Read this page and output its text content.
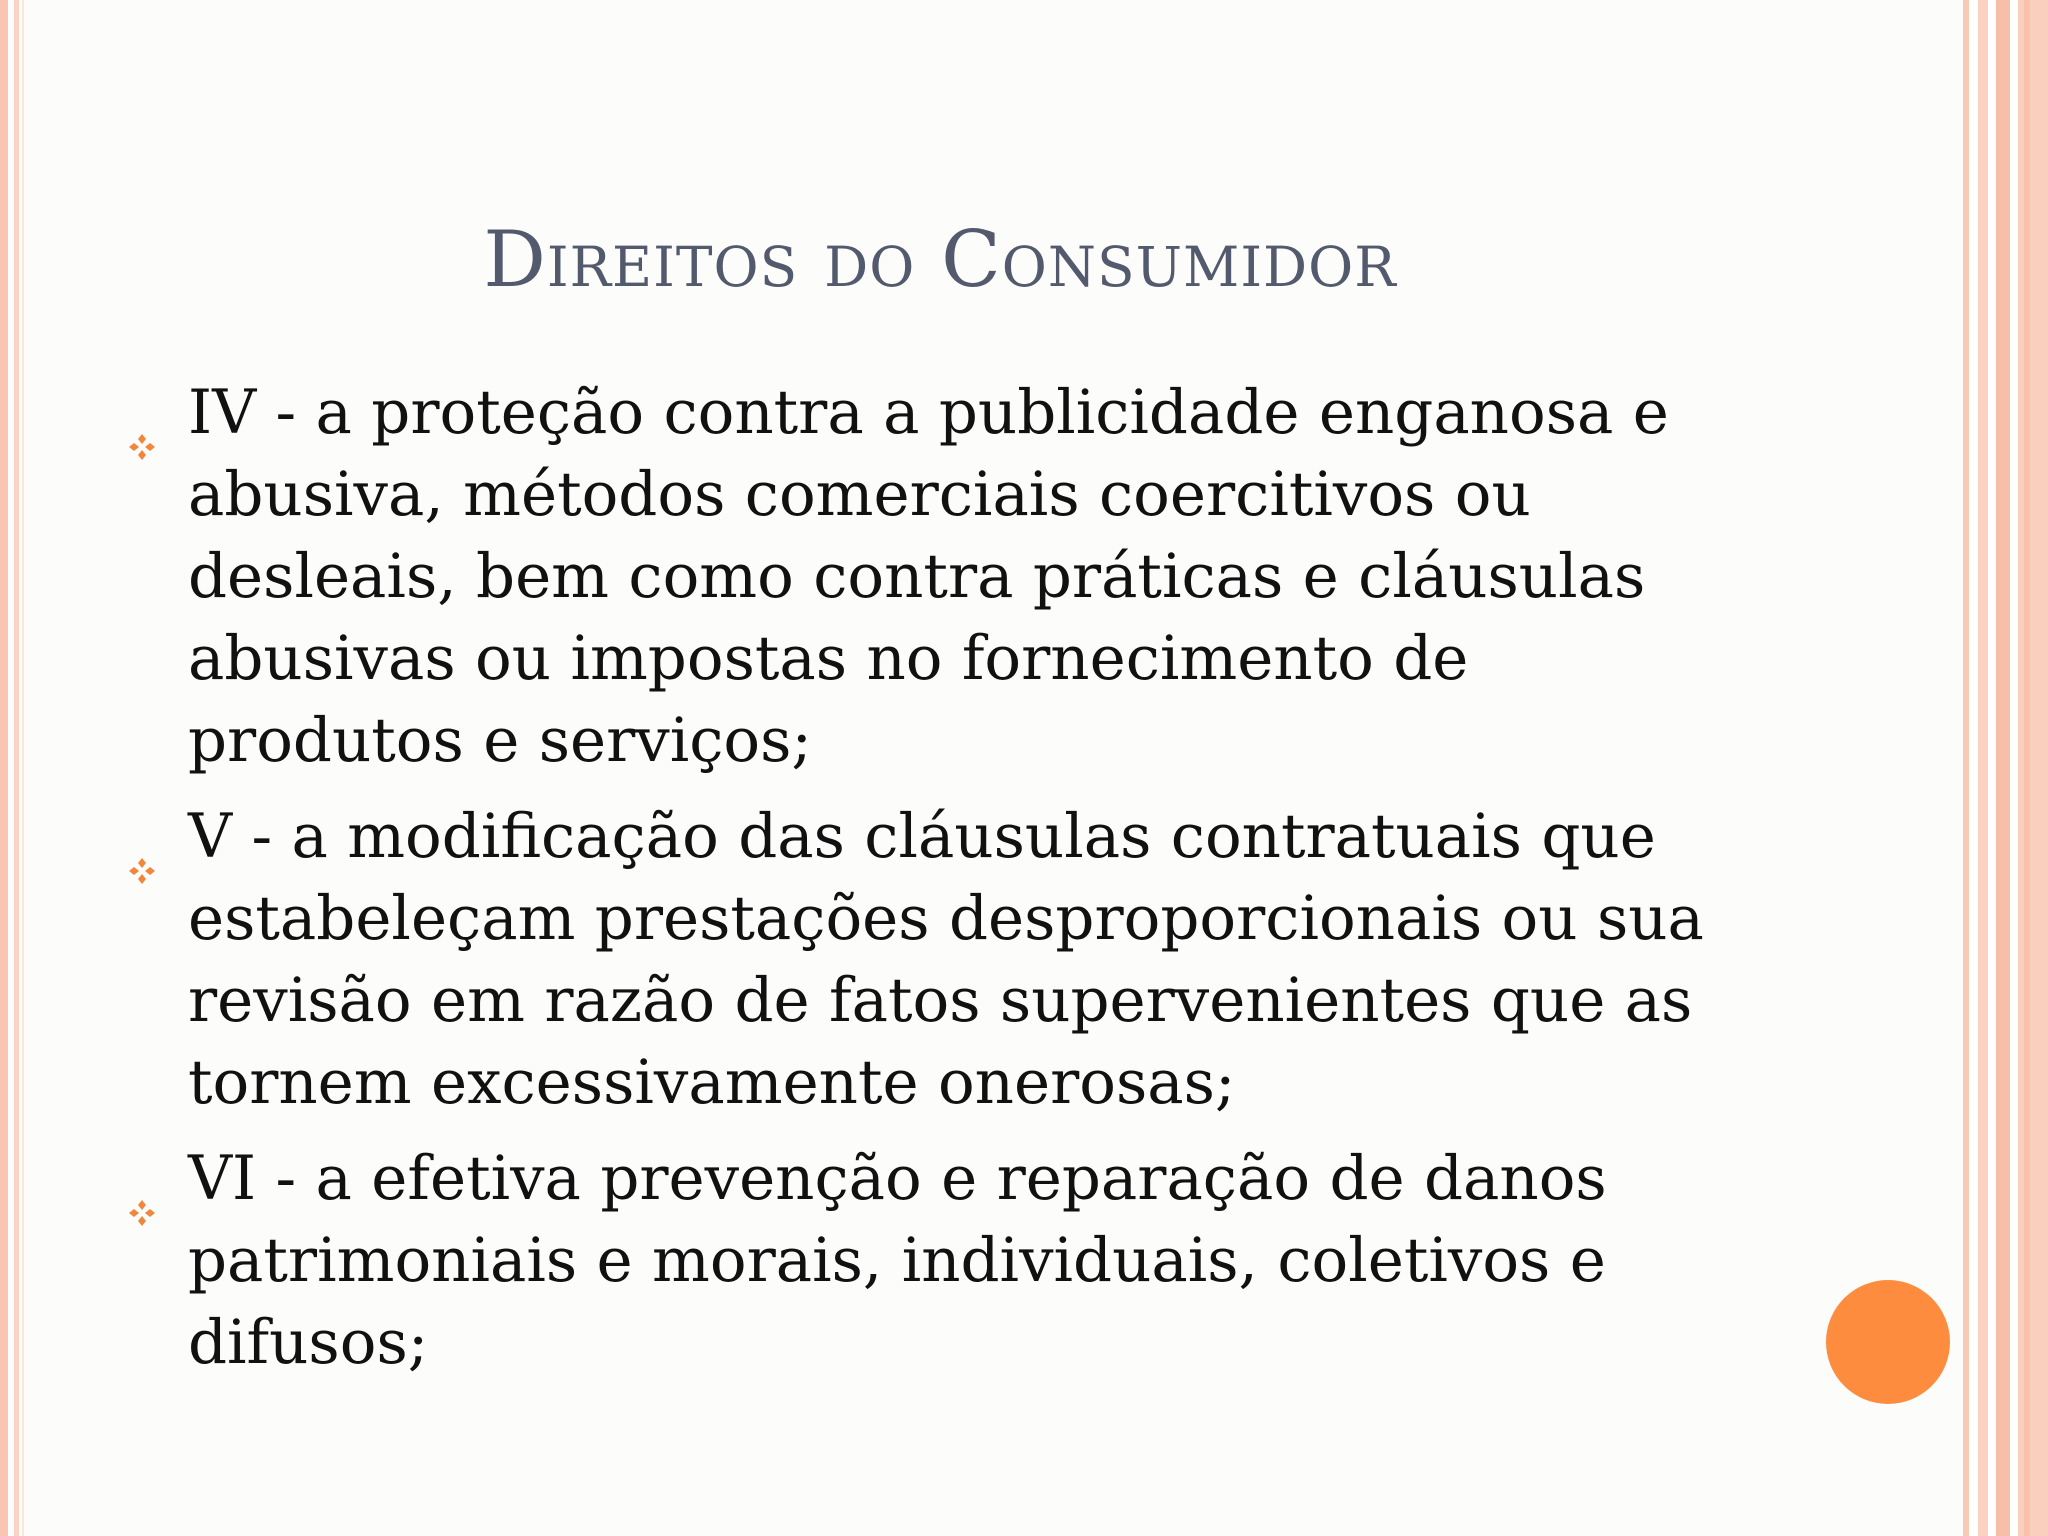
Direitos do Consumidor
IV - a proteção contra a publicidade enganosa e abusiva, métodos comerciais coercitivos ou desleais, bem como contra práticas e cláusulas abusivas ou impostas no fornecimento de produtos e serviços;
V - a modificação das cláusulas contratuais que estabeleçam prestações desproporcionais ou sua revisão em razão de fatos supervenientes que as tornem excessivamente onerosas;
VI - a efetiva prevenção e reparação de danos patrimoniais e morais, individuais, coletivos e difusos;
